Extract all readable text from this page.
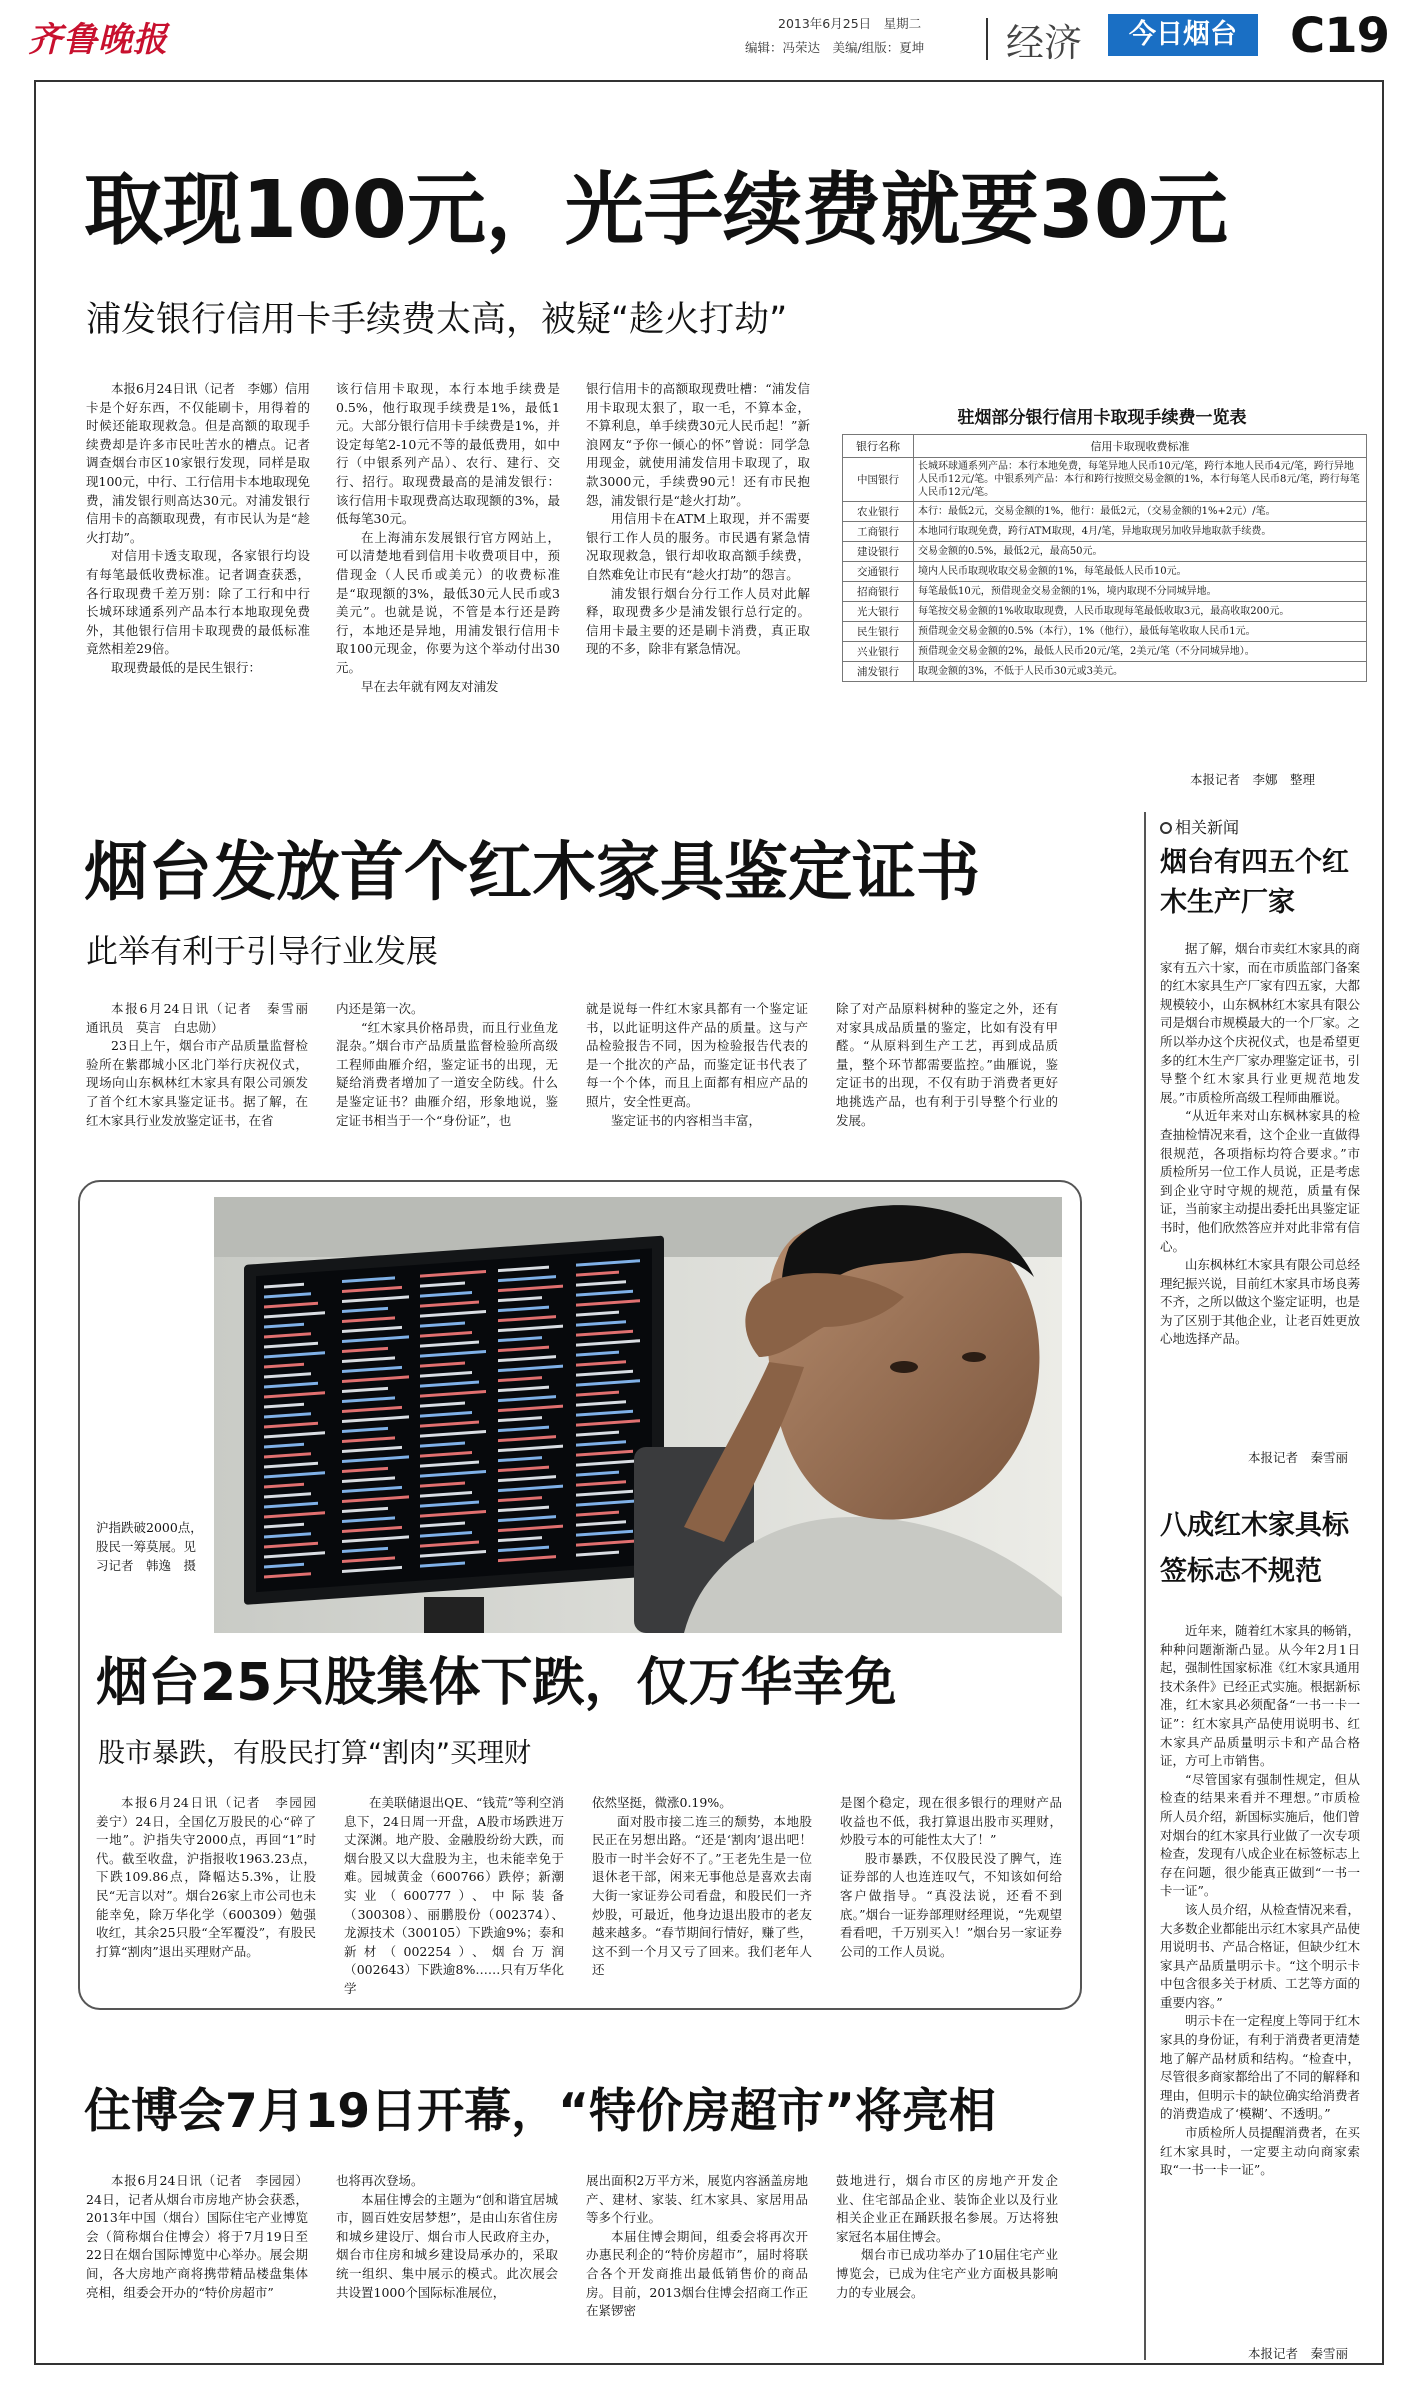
齐鲁晚报	2013年6月25日　星期二
编辑：冯荣达　美编/组版：夏坤 经济	今日烟台	C19
取现100元，光手续费就要30元
浦发银行信用卡手续费太高，被疑“趁火打劫”

本报6月24日讯（记者　李娜）信用卡是个好东西，不仅能刷卡，用得着的时候还能取现救急。但是高额的取现手续费却是许多市民吐苦水的槽点。记者调查烟台市区10家银行发现，同样是取现100元，中行、工行信用卡本地取现免费，浦发银行则高达30元。对浦发银行信用卡的高额取现费，有市民认为是“趁火打劫”。

对信用卡透支取现，各家银行均设有每笔最低收费标准。记者调查获悉，各行取现费千差万别：除了工行和中行长城环球通系列产品本行本地取现免费外，其他银行信用卡取现费的最低标准竟然相差29倍。

取现费最低的是民生银行：

该行信用卡取现，本行本地手续费是0.5%，他行取现手续费是1%，最低1元。大部分银行信用卡手续费是1%，并设定每笔2-10元不等的最低费用，如中行（中银系列产品）、农行、建行、交行、招行。取现费最高的是浦发银行：该行信用卡取现费高达取现额的3%，最低每笔30元。

在上海浦东发展银行官方网站上，可以清楚地看到信用卡收费项目中，预借现金（人民币或美元）的收费标准是“取现额的3%，最低30元人民币或3美元”。也就是说，不管是本行还是跨行，本地还是异地，用浦发银行信用卡取100元现金，你要为这个举动付出30元。

早在去年就有网友对浦发

银行信用卡的高额取现费吐槽：“浦发信用卡取现太狠了，取一毛，不算本金，不算利息，单手续费30元人民币起！”新浪网友“予你一倾心的怀”曾说：同学急用现金，就使用浦发信用卡取现了，取款3000元，手续费90元！还有市民抱怨，浦发银行是“趁火打劫”。

用信用卡在ATM上取现，并不需要银行工作人员的服务。市民遇有紧急情况取现救急，银行却收取高额手续费，自然难免让市民有“趁火打劫”的怨言。

浦发银行烟台分行工作人员对此解释，取现费多少是浦发银行总行定的。信用卡最主要的还是刷卡消费，真正取现的不多，除非有紧急情况。

驻烟部分银行信用卡取现手续费一览表
银行名称	信用卡取现收费标准
中国银行	长城环球通系列产品：本行本地免费，每笔异地人民币10元/笔，跨行本地人民币4元/笔，跨行异地人民币12元/笔。中银系列产品：本行和跨行按照交易金额的1%，本行每笔人民币8元/笔，跨行每笔人民币12元/笔。
农业银行	本行：最低2元，交易金额的1%，他行：最低2元，（交易金额的1%+2元）/笔。
工商银行	本地同行取现免费，跨行ATM取现，4月/笔，异地取现另加收异地取款手续费。
建设银行	交易金额的0.5%，最低2元，最高50元。
交通银行	境内人民币取现收取交易金额的1%，每笔最低人民币10元。
招商银行	每笔最低10元，预借现金交易金额的1%，境内取现不分同城异地。
光大银行	每笔按交易金额的1%收取取现费，人民币取现每笔最低收取3元，最高收取200元。
民生银行	预借现金交易金额的0.5%（本行），1%（他行），最低每笔收取人民币1元。
兴业银行	预借现金交易金额的2%，最低人民币20元/笔，2美元/笔（不分同城异地）。
浦发银行	取现金额的3%，不低于人民币30元或3美元。
本报记者　李娜　整理
烟台发放首个红木家具鉴定证书
此举有利于引导行业发展

本报6月24日讯（记者　秦雪丽　通讯员　莫言　白忠勋）

23日上午，烟台市产品质量监督检验所在紫郡城小区北门举行庆祝仪式，现场向山东枫林红木家具有限公司颁发了首个红木家具鉴定证书。据了解，在红木家具行业发放鉴定证书，在省

内还是第一次。

“红木家具价格昂贵，而且行业鱼龙混杂。”烟台市产品质量监督检验所高级工程师曲雁介绍，鉴定证书的出现，无疑给消费者增加了一道安全防线。什么是鉴定证书？曲雁介绍，形象地说，鉴定证书相当于一个“身份证”，也

就是说每一件红木家具都有一个鉴定证书，以此证明这件产品的质量。这与产品检验报告不同，因为检验报告代表的是一个批次的产品，而鉴定证书代表了每一个个体，而且上面都有相应产品的照片，安全性更高。

鉴定证书的内容相当丰富，

除了对产品原料树种的鉴定之外，还有对家具成品质量的鉴定，比如有没有甲醛。“从原料到生产工艺，再到成品质量，整个环节都需要监控。”曲雁说，鉴定证书的出现，不仅有助于消费者更好地挑选产品，也有利于引导整个行业的发展。

沪指跌破2000点，股民一筹莫展。见习记者　韩逸　摄
烟台25只股集体下跌，仅万华幸免
股市暴跌，有股民打算“割肉”买理财

本报6月24日讯（记者　李园园　姜宁）24日，全国亿万股民的心“碎了一地”。沪指失守2000点，再回“1”时代。截至收盘，沪指报收1963.23点，下跌109.86点，降幅达5.3%，让股民“无言以对”。烟台26家上市公司也未能幸免，除万华化学（600309）勉强收红，其余25只股“全军覆没”，有股民打算“割肉”退出买理财产品。

在美联储退出QE、“钱荒”等利空消息下，24日周一开盘，A股市场跌进万丈深渊。地产股、金融股纷纷大跌，而烟台股又以大盘股为主，也未能幸免于难。园城黄金（600766）跌停；新潮实业（600777）、中际装备（300308）、丽鹏股份（002374）、龙源技术（300105）下跌逾9%；泰和新材（002254）、烟台万润（002643）下跌逾8%……只有万华化学

依然坚挺，微涨0.19%。

面对股市接二连三的颓势，本地股民正在另想出路。“还是‘割肉’退出吧！股市一时半会好不了。”王老先生是一位退休老干部，闲来无事他总是喜欢去南大街一家证券公司看盘，和股民们一齐炒股，可最近，他身边退出股市的老友越来越多。“春节期间行情好，赚了些，这不到一个月又亏了回来。我们老年人还

是图个稳定，现在很多银行的理财产品收益也不低，我打算退出股市买理财，炒股亏本的可能性太大了！”

股市暴跌，不仅股民没了脾气，连证券部的人也连连叹气，不知该如何给客户做指导。“真没法说，还看不到底。”烟台一证券部理财经理说，“先观望看看吧，千万别买入！”烟台另一家证券公司的工作人员说。

住博会7月19日开幕，“特价房超市”将亮相

本报6月24日讯（记者　李园园）24日，记者从烟台市房地产协会获悉，2013年中国（烟台）国际住宅产业博览会（简称烟台住博会）将于7月19日至22日在烟台国际博览中心举办。展会期间，各大房地产商将携带精品楼盘集体亮相，组委会开办的“特价房超市”

也将再次登场。

本届住博会的主题为“创和谐宜居城市，圆百姓安居梦想”，是由山东省住房和城乡建设厅、烟台市人民政府主办，烟台市住房和城乡建设局承办的，采取统一组织、集中展示的模式。此次展会共设置1000个国际标准展位，

展出面积2万平方米，展览内容涵盖房地产、建材、家装、红木家具、家居用品等多个行业。

本届住博会期间，组委会将再次开办惠民利企的“特价房超市”，届时将联合各个开发商推出最低销售价的商品房。目前，2013烟台住博会招商工作正在紧锣密

鼓地进行，烟台市区的房地产开发企业、住宅部品企业、装饰企业以及行业相关企业正在踊跃报名参展。万达将独家冠名本届住博会。

烟台市已成功举办了10届住宅产业博览会，已成为住宅产业方面极具影响力的专业展会。

相关新闻
烟台有四五个红木生产厂家

据了解，烟台市卖红木家具的商家有五六十家，而在市质监部门备案的红木家具生产厂家有四五家，大都规模较小，山东枫林红木家具有限公司是烟台市规模最大的一个厂家。之所以举办这个庆祝仪式，也是希望更多的红木生产厂家办理鉴定证书，引导整个红木家具行业更规范地发展。”市质检所高级工程师曲雁说。

“从近年来对山东枫林家具的检查抽检情况来看，这个企业一直做得很规范，各项指标均符合要求。”市质检所另一位工作人员说，正是考虑到企业守时守规的规范，质量有保证，当前家主动提出委托出具鉴定证书时，他们欣然答应并对此非常有信心。

山东枫林红木家具有限公司总经理纪振兴说，目前红木家具市场良莠不齐，之所以做这个鉴定证明，也是为了区别于其他企业，让老百姓更放心地选择产品。

本报记者　秦雪丽
八成红木家具标签标志不规范

近年来，随着红木家具的畅销，种种问题渐渐凸显。从今年2月1日起，强制性国家标准《红木家具通用技术条件》已经正式实施。根据新标准，红木家具必须配备“一书一卡一证”：红木家具产品使用说明书、红木家具产品质量明示卡和产品合格证，方可上市销售。

“尽管国家有强制性规定，但从检查的结果来看并不理想。”市质检所人员介绍，新国标实施后，他们曾对烟台的红木家具行业做了一次专项检查，发现有八成企业在标签标志上存在问题，很少能真正做到“一书一卡一证”。

该人员介绍，从检查情况来看，大多数企业都能出示红木家具产品使用说明书、产品合格证，但缺少红木家具产品质量明示卡。“这个明示卡中包含很多关于材质、工艺等方面的重要内容。”

明示卡在一定程度上等同于红木家具的身份证，有利于消费者更清楚地了解产品材质和结构。“检查中，尽管很多商家都给出了不同的解释和理由，但明示卡的缺位确实给消费者的消费造成了‘模糊’、不透明。”

市质检所人员提醒消费者，在买红木家具时，一定要主动向商家索取“一书一卡一证”。

本报记者　秦雪丽
